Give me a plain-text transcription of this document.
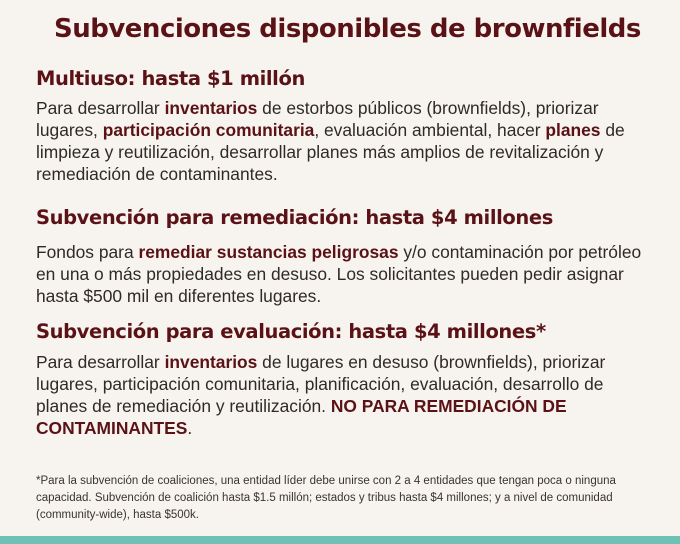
Subvenciones disponibles de brownfields
Multiuso: hasta $1 millón
Para desarrollar inventarios de estorbos públicos (brownfields), priorizar lugares, participación comunitaria, evaluación ambiental, hacer planes de limpieza y reutilización, desarrollar planes más amplios de revitalización y remediación de contaminantes.
Subvención para remediación: hasta $4 millones
Fondos para remediar sustancias peligrosas y/o contaminación por petróleo en una o más propiedades en desuso. Los solicitantes pueden pedir asignar hasta $500 mil en diferentes lugares.
Subvención para evaluación: hasta $4 millones*
Para desarrollar inventarios de lugares en desuso (brownfields), priorizar lugares, participación comunitaria, planificación, evaluación, desarrollo de planes de remediación y reutilización. NO PARA REMEDIACIÓN DE CONTAMINANTES.
*Para la subvención de coaliciones, una entidad líder debe unirse con 2 a 4 entidades que tengan poca o ninguna capacidad. Subvención de coalición hasta $1.5 millón; estados y tribus hasta $4 millones; y a nivel de comunidad (community-wide), hasta $500k.
